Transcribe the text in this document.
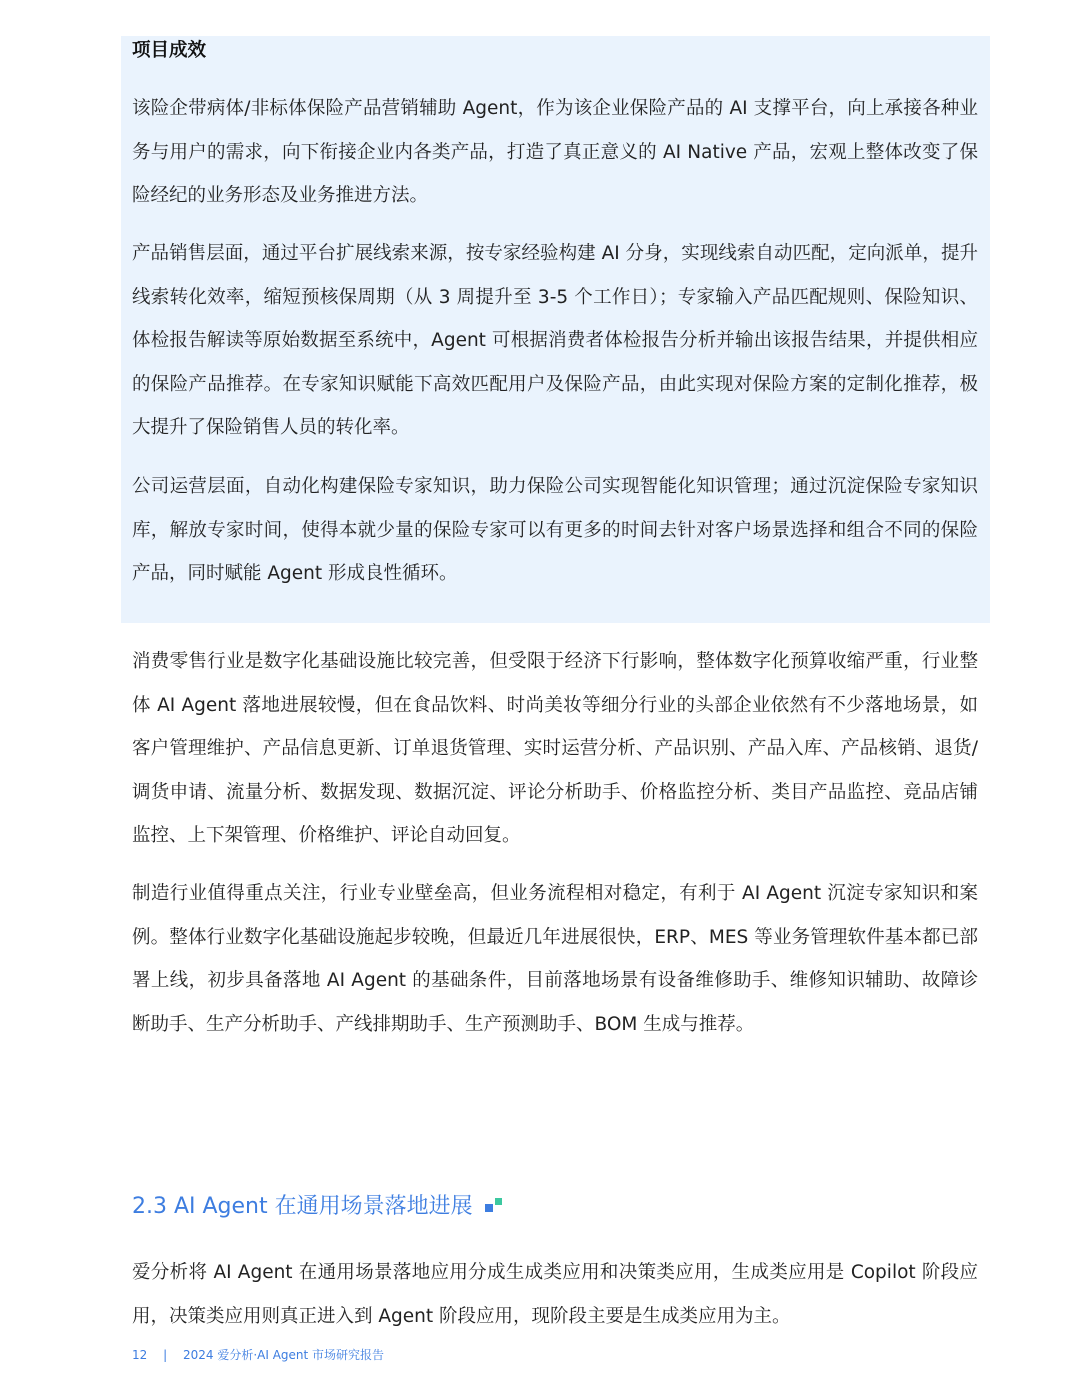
项目成效

该险企带病体/非标体保险产品营销辅助 Agent，作为该企业保险产品的 AI 支撑平台，向上承接各种业务与用户的需求，向下衔接企业内各类产品，打造了真正意义的 AI Native 产品，宏观上整体改变了保险经纪的业务形态及业务推进方法。

产品销售层面，通过平台扩展线索来源，按专家经验构建 AI 分身，实现线索自动匹配，定向派单，提升线索转化效率，缩短预核保周期（从 3 周提升至 3-5 个工作日）；专家输入产品匹配规则、保险知识、体检报告解读等原始数据至系统中，Agent 可根据消费者体检报告分析并输出该报告结果，并提供相应的保险产品推荐。在专家知识赋能下高效匹配用户及保险产品，由此实现对保险方案的定制化推荐，极大提升了保险销售人员的转化率。

公司运营层面，自动化构建保险专家知识，助力保险公司实现智能化知识管理；通过沉淀保险专家知识库，解放专家时间，使得本就少量的保险专家可以有更多的时间去针对客户场景选择和组合不同的保险产品，同时赋能 Agent 形成良性循环。

消费零售行业是数字化基础设施比较完善，但受限于经济下行影响，整体数字化预算收缩严重，行业整体 AI Agent 落地进展较慢，但在食品饮料、时尚美妆等细分行业的头部企业依然有不少落地场景，如客户管理维护、产品信息更新、订单退货管理、实时运营分析、产品识别、产品入库、产品核销、退货/调货申请、流量分析、数据发现、数据沉淀、评论分析助手、价格监控分析、类目产品监控、竞品店铺监控、上下架管理、价格维护、评论自动回复。

制造行业值得重点关注，行业专业壁垒高，但业务流程相对稳定，有利于 AI Agent 沉淀专家知识和案例。整体行业数字化基础设施起步较晚，但最近几年进展很快，ERP、MES 等业务管理软件基本都已部署上线，初步具备落地 AI Agent 的基础条件，目前落地场景有设备维修助手、维修知识辅助、故障诊断助手、生产分析助手、产线排期助手、生产预测助手、BOM 生成与推荐。

2.3 AI Agent 在通用场景落地进展

爱分析将 AI Agent 在通用场景落地应用分成生成类应用和决策类应用，生成类应用是 Copilot 阶段应用，决策类应用则真正进入到 Agent 阶段应用，现阶段主要是生成类应用为主。

12 | 2024 爱分析·AI Agent 市场研究报告
